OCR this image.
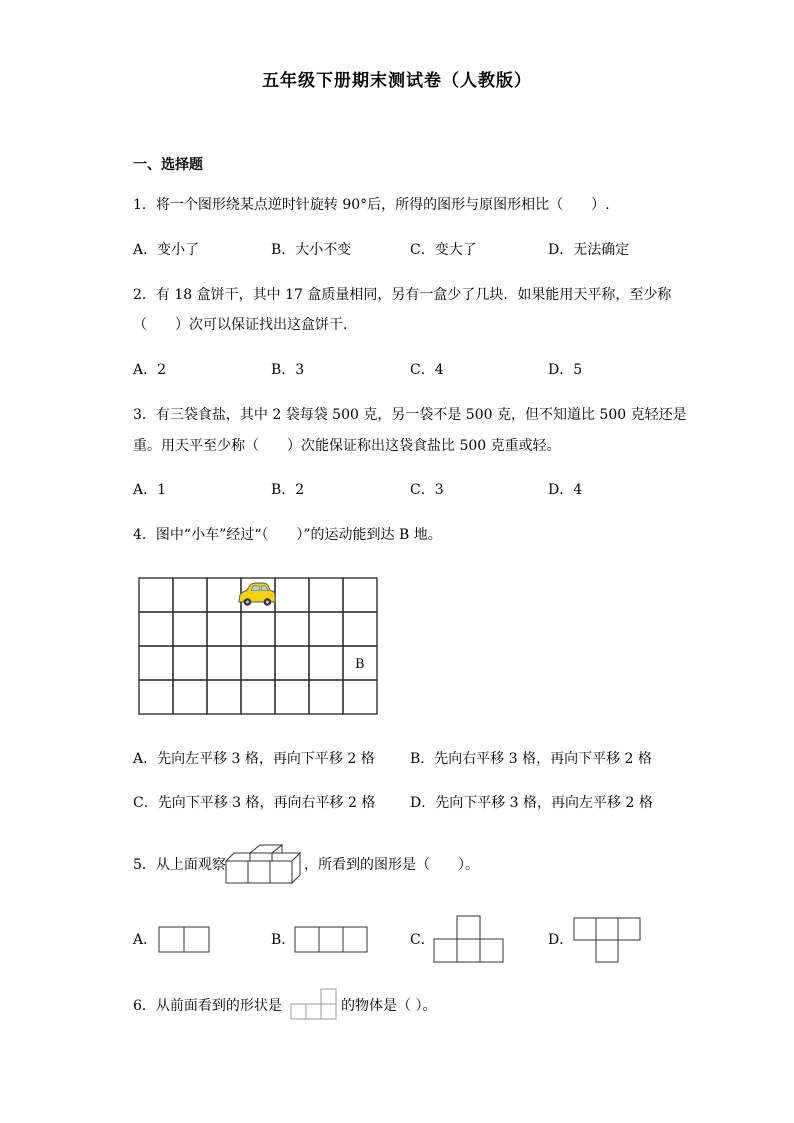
五年级下册期末测试卷（人教版）
一、选择题
1．将一个图形绕某点逆时针旋转 90°后，所得的图形与原图形相比（　　）.
A．变小了	B．大小不变	C．变大了	D．无法确定
2．有 18 盒饼干，其中 17 盒质量相同，另有一盒少了几块．如果能用天平称，至少称
（　　）次可以保证找出这盒饼干．
A．2	B．3	C．4	D．5
3．有三袋食盐，其中 2 袋每袋 500 克，另一袋不是 500 克，但不知道比 500 克轻还是
重。用天平至少称（　　）次能保证称出这袋食盐比 500 克重或轻。
A．1	B．2	C．3	D．4
4．图中“小车”经过“（　　）”的运动能到达 B 地。
B
A．先向左平移 3 格，再向下平移 2 格	B．先向右平移 3 格，再向下平移 2 格
C．先向下平移 3 格，再向右平移 2 格 D．先向下平移 3 格，再向左平移 2 格
5．从上面观察	，所看到的图形是（　　）。
A．	B．	C．	D．
6．从前面看到的形状是	的物体是（ ）。
